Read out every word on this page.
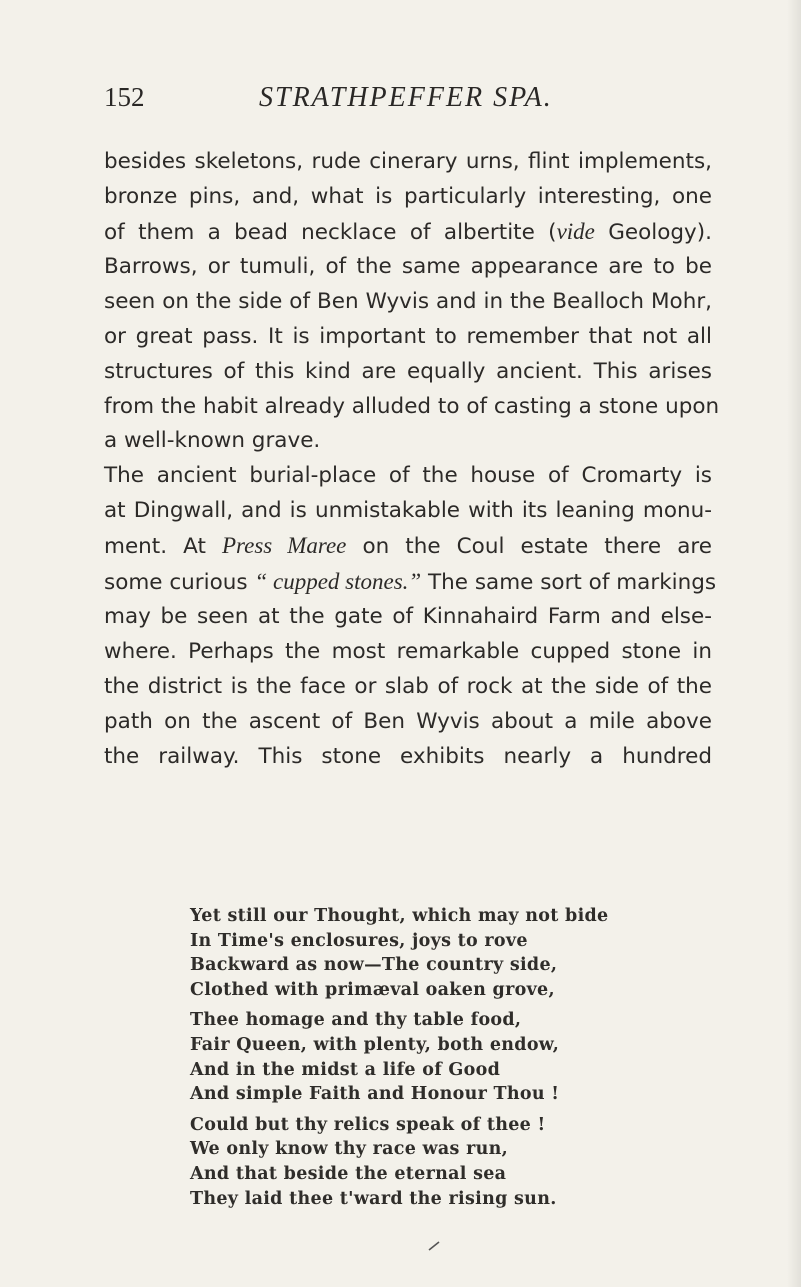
152	STRATHPEFFER SPA.
besides skeletons, rude cinerary urns, flint implements,
bronze pins, and, what is particularly interesting, one
of them a bead necklace of albertite (vide Geology).
Barrows, or tumuli, of the same appearance are to be
seen on the side of Ben Wyvis and in the Bealloch Mohr,
or great pass. It is important to remember that not all
structures of this kind are equally ancient. This arises
from the habit already alluded to of casting a stone upon
a well-known grave.
The ancient burial-place of the house of Cromarty is
at Dingwall, and is unmistakable with its leaning monu-
ment. At Press Maree on the Coul estate there are
some curious “ cupped stones.” The same sort of markings
may be seen at the gate of Kinnahaird Farm and else-
where. Perhaps the most remarkable cupped stone in
the district is the face or slab of rock at the side of the
path on the ascent of Ben Wyvis about a mile above
the railway. This stone exhibits nearly a hundred
Yet still our Thought, which may not bide
In Time's enclosures, joys to rove
Backward as now—The country side,
Clothed with primæval oaken grove,
Thee homage and thy table food,
Fair Queen, with plenty, both endow,
And in the midst a life of Good
And simple Faith and Honour Thou !
Could but thy relics speak of thee !
We only know thy race was run,
And that beside the eternal sea
They laid thee t'ward the rising sun.
